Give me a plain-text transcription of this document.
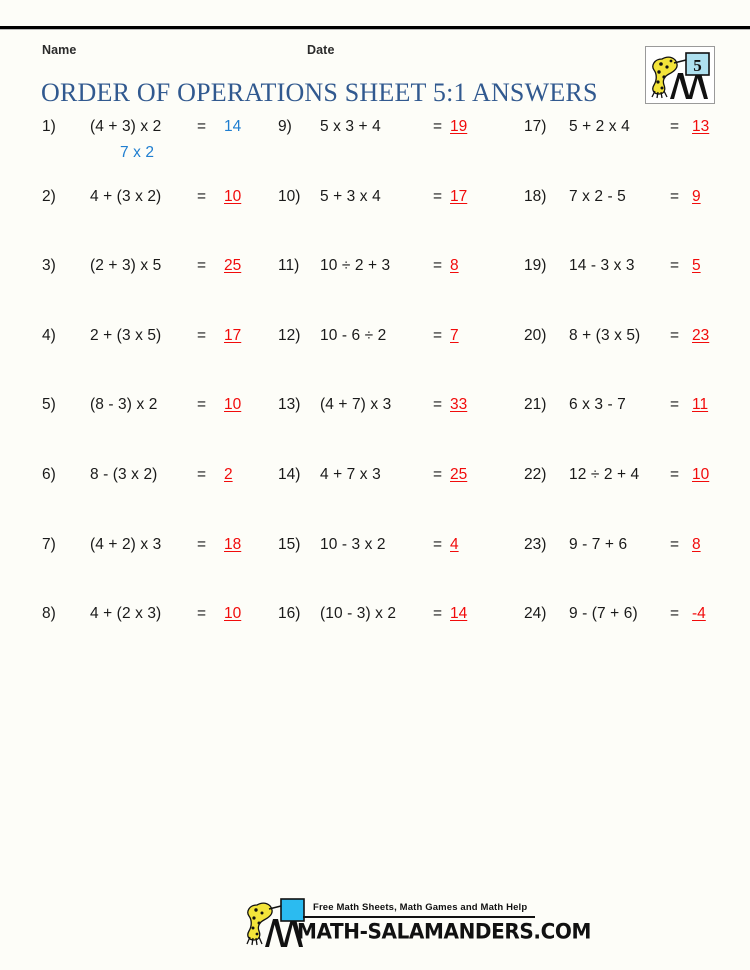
Name	Date
ORDER OF OPERATIONS SHEET 5:1 ANSWERS
5
1) (4 + 3) x 2 = 14
7 x 2
2) 4 + (3 x 2) = 10
3) (2 + 3) x 5 = 25
4) 2 + (3 x 5) = 17
5) (8 - 3) x 2	= 10
6) 8 - (3 x 2)	= 2
7) (4 + 2) x 3 = 18
8) 4 + (2 x 3) = 10
9) 5 x 3 + 4	= 19
10) 5 + 3 x 4	= 17
11) 10 ÷ 2 + 3	= 8
12) 10 - 6 ÷ 2	= 7
13) (4 + 7) x 3	= 33
14) 4 + 7 x 3	= 25
15) 10 - 3 x 2	= 4
16) (10 - 3) x 2 = 14
17) 5 + 2 x 4	= 13
18) 7 x 2 - 5	= 9
19) 14 - 3 x 3 = 5
20) 8 + (3 x 5) = 23
21) 6 x 3 - 7	= 11
22) 12 ÷ 2 + 4 = 10
23) 9 - 7 + 6	= 8
24) 9 - (7 + 6) = -4
Free Math Sheets, Math Games and Math Help
MATH-SALAMANDERS.COM
